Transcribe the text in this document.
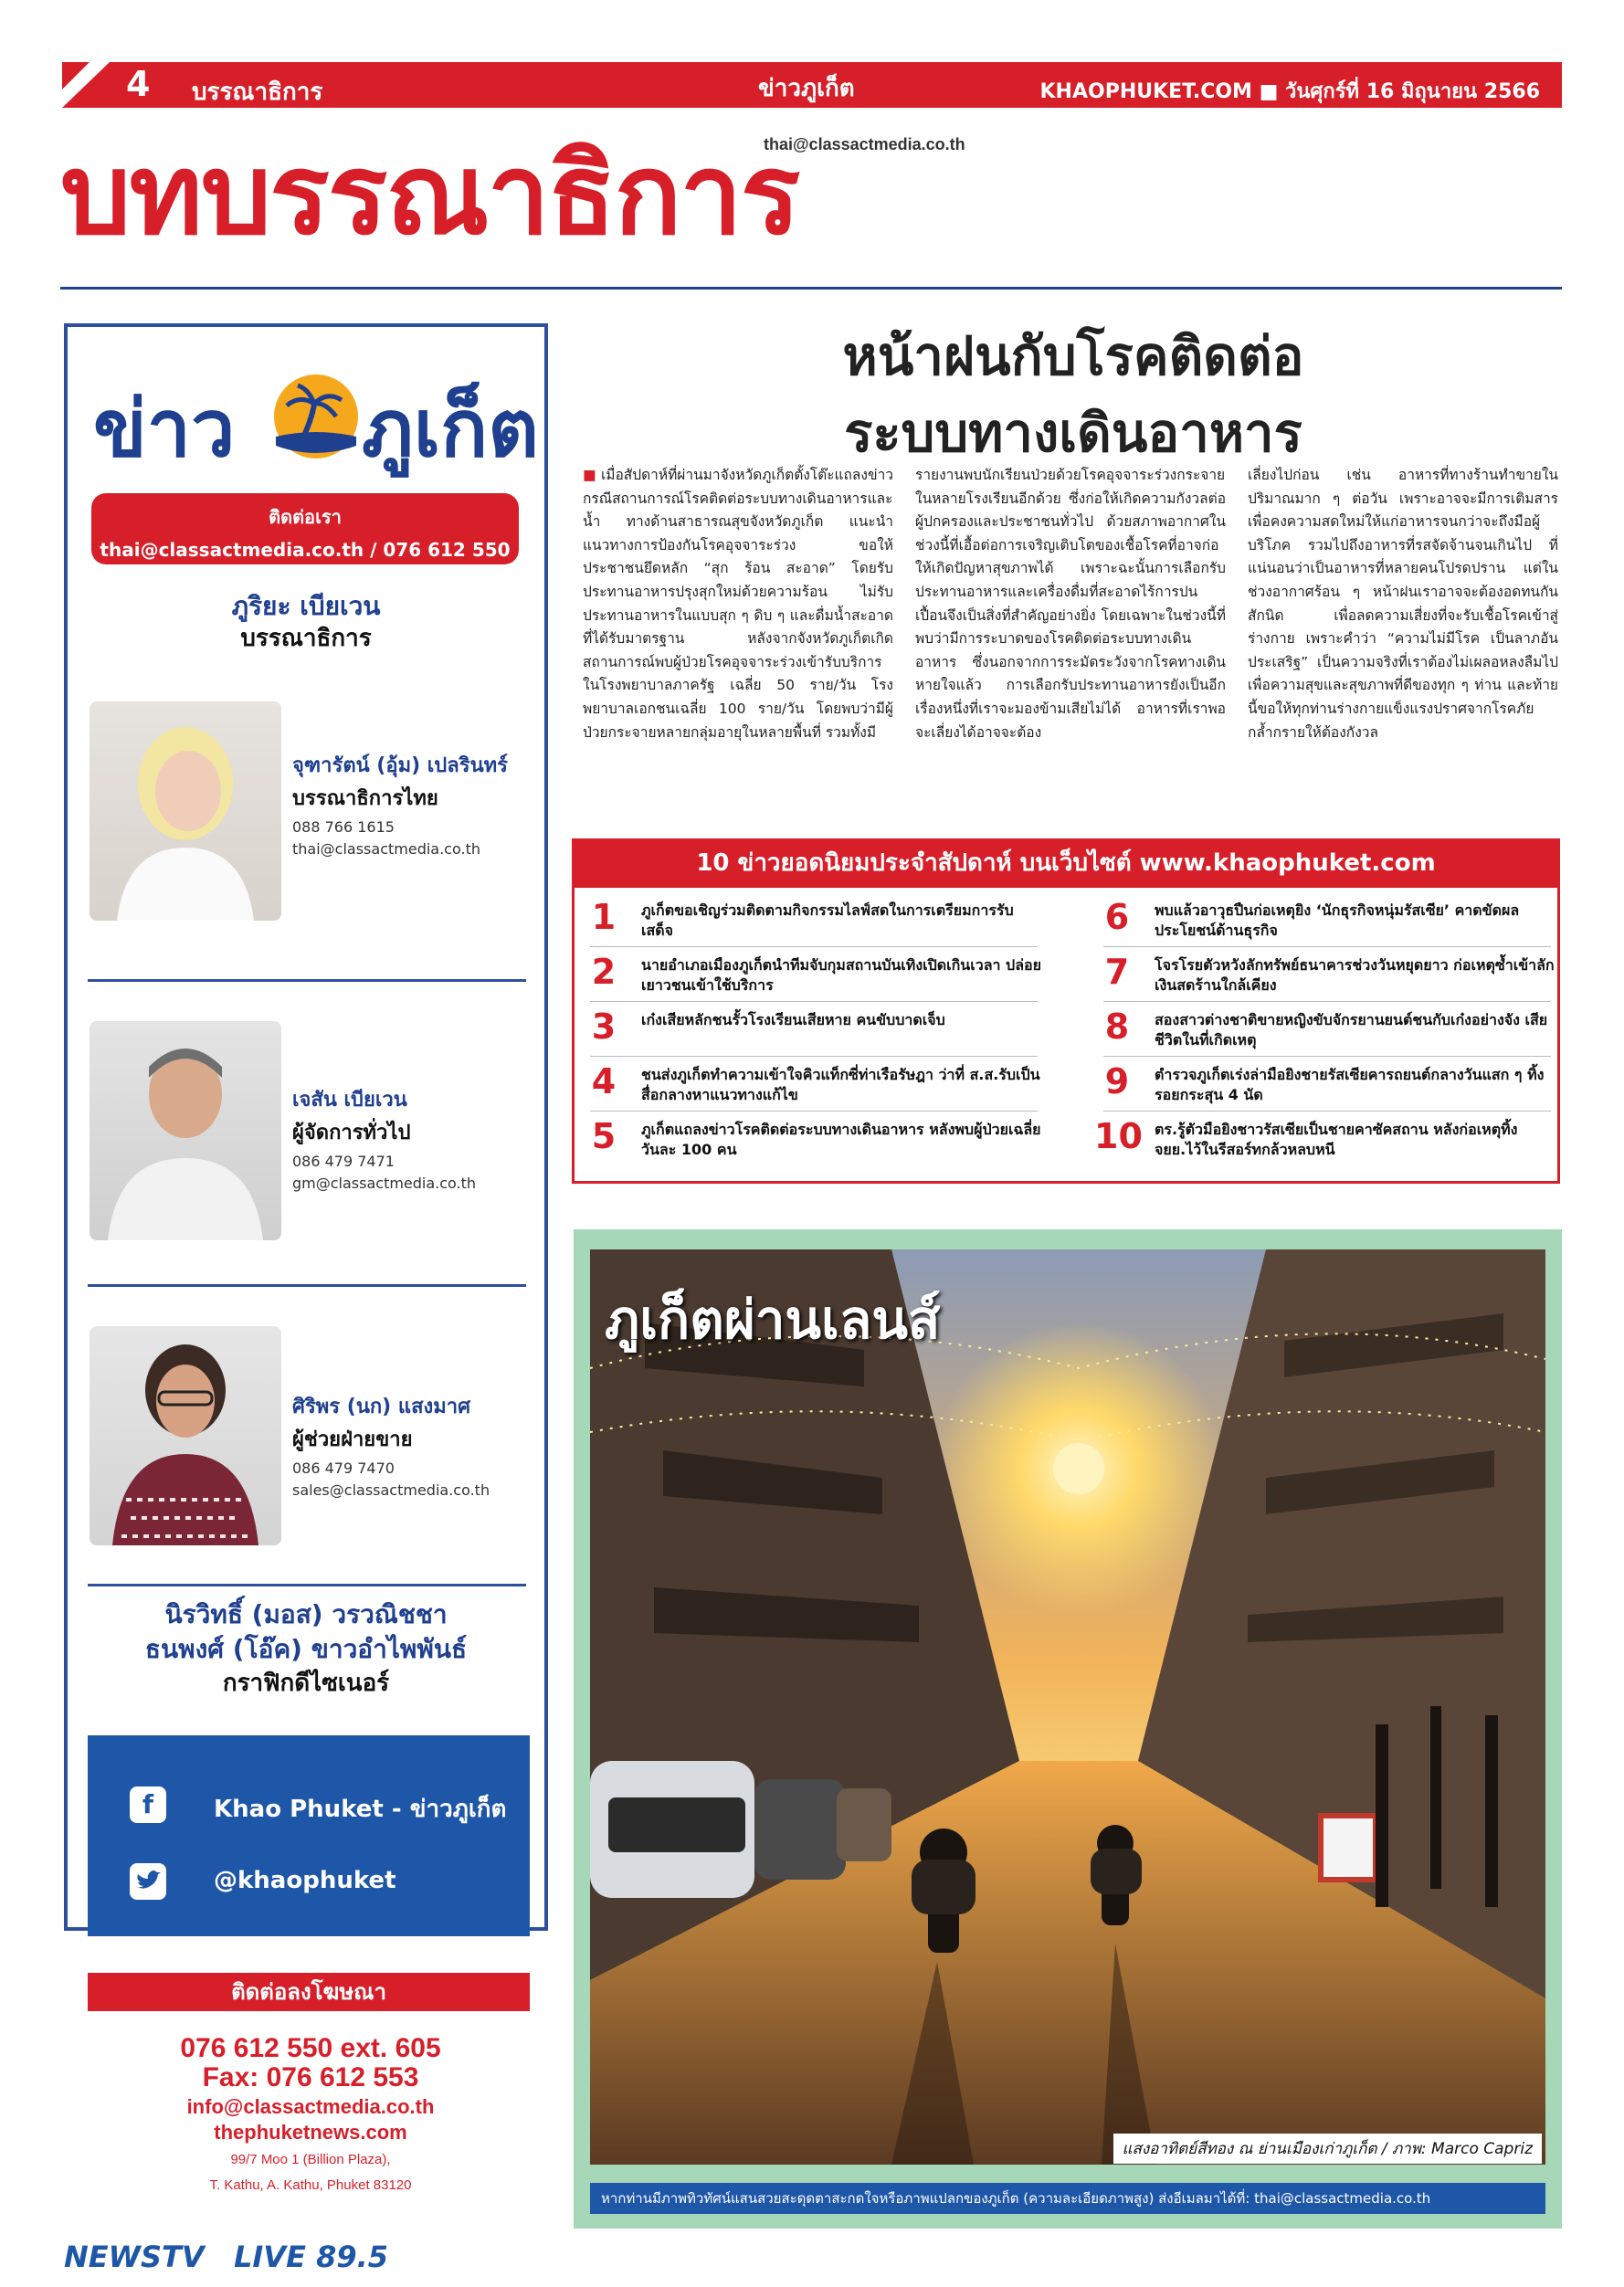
4 บรรณาธิการ	ข่าวภูเก็ต	KHAOPHUKET.COM ■ วันศุกร์ที่ 16 มิถุนายน 2566
thai@classactmedia.co.th
บทบรรณาธิการ
ข่าว ภูเก็ต
ติดต่อเรา
thai@classactmedia.co.th / 076 612 550
ภูริยะ เบียเวน
บรรณาธิการ
จุฑารัตน์ (อุ้ม) เปลรินทร์
บรรณาธิการไทย
088 766 1615
thai@classactmedia.co.th
เจสัน เบียเวน
ผู้จัดการทั่วไป
086 479 7471
gm@classactmedia.co.th
ศิริพร (นก) แสงมาศ
ผู้ช่วยฝ่ายขาย
086 479 7470
sales@classactmedia.co.th
นิรวิทธิ์ (มอส) วรวณิชชา
ธนพงศ์ (โอ๊ค) ขาวอำไพพันธ์
กราฟิกดีไซเนอร์
f	Khao Phuket - ข่าวภูเก็ต
@khaophuket
ติดต่อลงโฆษณา
076 612 550 ext. 605
Fax: 076 612 553
info@classactmedia.co.th
thephuketnews.com
99/7 Moo 1 (Billion Plaza),
T. Kathu, A. Kathu, Phuket 83120
หน้าฝนกับโรคติดต่อ
ระบบทางเดินอาหาร
■ เมื่อสัปดาห์ที่ผ่านมาจังหวัดภูเก็ตตั้งโต๊ะแถลงข่าว กรณีสถานการณ์โรคติดต่อระบบทางเดินอาหารและน้ำ ทางด้านสาธารณสุขจังหวัดภูเก็ต แนะนำแนวทางการป้องกันโรคอุจจาระร่วง ขอให้ประชาชนยึดหลัก “สุก ร้อน สะอาด” โดยรับประทานอาหารปรุงสุกใหม่ด้วยความร้อน ไม่รับประทานอาหารในแบบสุก ๆ ดิบ ๆ และดื่มน้ำสะอาดที่ได้รับมาตรฐาน หลังจากจังหวัดภูเก็ตเกิดสถานการณ์พบผู้ป่วยโรคอุจจาระร่วงเข้ารับบริการในโรงพยาบาลภาครัฐ เฉลี่ย 50 ราย/วัน โรงพยาบาลเอกชนเฉลี่ย 100 ราย/วัน โดยพบว่ามีผู้ป่วยกระจายหลายกลุ่มอายุในหลายพื้นที่ รวมทั้งมี
รายงานพบนักเรียนป่วยด้วยโรคอุจจาระร่วงกระจายในหลายโรงเรียนอีกด้วย ซึ่งก่อให้เกิดความกังวลต่อผู้ปกครองและประชาชนทั่วไป ด้วยสภาพอากาศในช่วงนี้ที่เอื้อต่อการเจริญเติบโตของเชื้อโรคที่อาจก่อให้เกิดปัญหาสุขภาพได้ เพราะฉะนั้นการเลือกรับประทานอาหารและเครื่องดื่มที่สะอาดไร้การปนเปื้อนจึงเป็นสิ่งที่สำคัญอย่างยิ่ง โดยเฉพาะในช่วงนี้ที่พบว่ามีการระบาดของโรคติดต่อระบบทางเดินอาหาร ซึ่งนอกจากการระมัดระวังจากโรคทางเดินหายใจแล้ว การเลือกรับประทานอาหารยังเป็นอีกเรื่องหนึ่งที่เราจะมองข้ามเสียไม่ได้ อาหารที่เราพอจะเลี่ยงได้อาจจะต้อง
เลี่ยงไปก่อน เช่น อาหารที่ทางร้านทำขายในปริมาณมาก ๆ ต่อวัน เพราะอาจจะมีการเติมสารเพื่อคงความสดใหม่ให้แก่อาหารจนกว่าจะถึงมือผู้บริโภค รวมไปถึงอาหารที่รสจัดจ้านจนเกินไป ที่แน่นอนว่าเป็นอาหารที่หลายคนโปรดปราน แต่ในช่วงอากาศร้อน ๆ หน้าฝนเราอาจจะต้องอดทนกันสักนิด เพื่อลดความเสี่ยงที่จะรับเชื้อโรคเข้าสู่ร่างกาย เพราะคำว่า “ความไม่มีโรค เป็นลาภอันประเสริฐ” เป็นความจริงที่เราต้องไม่เผลอหลงลืมไป เพื่อความสุขและสุขภาพที่ดีของทุก ๆ ท่าน และท้ายนี้ขอให้ทุกท่านร่างกายแข็งแรงปราศจากโรคภัยกล้ำกรายให้ต้องกังวล
10 ข่าวยอดนิยมประจำสัปดาห์ บนเว็บไซต์ www.khaophuket.com
1	ภูเก็ตขอเชิญร่วมติดตามกิจกรรมไลฟ์สดในการเตรียมการรับเสด็จ
2	นายอำเภอเมืองภูเก็ตนำทีมจับกุมสถานบันเทิงเปิดเกินเวลา ปล่อยเยาวชนเข้าใช้บริการ
3	เก๋งเสียหลักชนรั้วโรงเรียนเสียหาย คนขับบาดเจ็บ
4	ชนส่งภูเก็ตทำความเข้าใจคิวแท็กซี่ท่าเรือรัษฎา ว่าที่ ส.ส.รับเป็นสื่อกลางหาแนวทางแก้ไข
5	ภูเก็ตแถลงข่าวโรคติดต่อระบบทางเดินอาหาร หลังพบผู้ป่วยเฉลี่ยวันละ 100 คน
6	พบแล้วอาวุธปืนก่อเหตุยิง ‘นักธุรกิจหนุ่มรัสเซีย’ คาดขัดผลประโยชน์ด้านธุรกิจ
7	โจรโรยตัวหวังลักทรัพย์ธนาคารช่วงวันหยุดยาว ก่อเหตุซ้ำเข้าลักเงินสดร้านใกล้เคียง
8	สองสาวต่างชาติขายหญิงขับจักรยานยนต์ชนกับเก๋งอย่างจัง เสียชีวิตในที่เกิดเหตุ
9	ตำรวจภูเก็ตเร่งล่ามือยิงชายรัสเซียคารถยนต์กลางวันแสก ๆ ทิ้งรอยกระสุน 4 นัด
10 ตร.รู้ตัวมือยิงชาวรัสเซียเป็นชายคาซัคสถาน หลังก่อเหตุทิ้ง จยย.ไว้ในรีสอร์ทกล้วหลบหนี
ภูเก็ตผ่านเลนส์
แสงอาทิตย์สีทอง ณ ย่านเมืองเก่าภูเก็ต / ภาพ: Marco Capriz
หากท่านมีภาพทิวทัศน์แสนสวยสะดุดตาสะกดใจหรือภาพแปลกของภูเก็ต (ความละเอียดภาพสูง) ส่งอีเมลมาได้ที่: thai@classactmedia.co.th
NEWSTV LIVE 89.5
